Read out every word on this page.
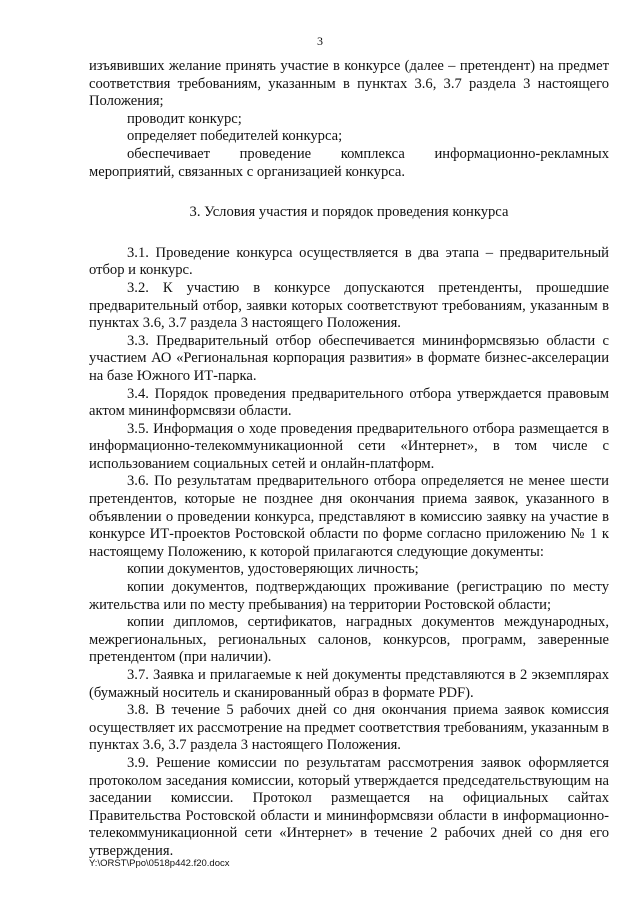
3

изъявивших желание принять участие в конкурсе (далее – претендент) на предмет соответствия требованиям, указанным в пунктах 3.6, 3.7 раздела 3 настоящего Положения;

проводит конкурс;

определяет победителей конкурса;

обеспечивает проведение комплекса информационно-рекламных мероприятий, связанных с организацией конкурса.

3. Условия участия и порядок проведения конкурса

3.1. Проведение конкурса осуществляется в два этапа – предварительный отбор и конкурс.

3.2. К участию в конкурсе допускаются претенденты, прошедшие предварительный отбор, заявки которых соответствуют требованиям, указанным в пунктах 3.6, 3.7 раздела 3 настоящего Положения.

3.3. Предварительный отбор обеспечивается мининформсвязью области с участием АО «Региональная корпорация развития» в формате бизнес-акселерации на базе Южного ИТ-парка.

3.4. Порядок проведения предварительного отбора утверждается правовым актом мининформсвязи области.

3.5. Информация о ходе проведения предварительного отбора размещается в информационно-телекоммуникационной сети «Интернет», в том числе с использованием социальных сетей и онлайн-платформ.

3.6. По результатам предварительного отбора определяется не менее шести претендентов, которые не позднее дня окончания приема заявок, указанного в объявлении о проведении конкурса, представляют в комиссию заявку на участие в конкурсе ИТ-проектов Ростовской области по форме согласно приложению № 1 к настоящему Положению, к которой прилагаются следующие документы:

копии документов, удостоверяющих личность;

копии документов, подтверждающих проживание (регистрацию по месту жительства или по месту пребывания) на территории Ростовской области;

копии дипломов, сертификатов, наградных документов международных, межрегиональных, региональных салонов, конкурсов, программ, заверенные претендентом (при наличии).

3.7. Заявка и прилагаемые к ней документы представляются в 2 экземплярах (бумажный носитель и сканированный образ в формате PDF).

3.8. В течение 5 рабочих дней со дня окончания приема заявок комиссия осуществляет их рассмотрение на предмет соответствия требованиям, указанным в пунктах 3.6, 3.7 раздела 3 настоящего Положения.

3.9. Решение комиссии по результатам рассмотрения заявок оформляется протоколом заседания комиссии, который утверждается председательствующим на заседании комиссии. Протокол размещается на официальных сайтах Правительства Ростовской области и мининформсвязи области в информационно-телекоммуникационной сети «Интернет» в течение 2 рабочих дней со дня его утверждения.

Y:\ORST\Ppo\0518p442.f20.docx
